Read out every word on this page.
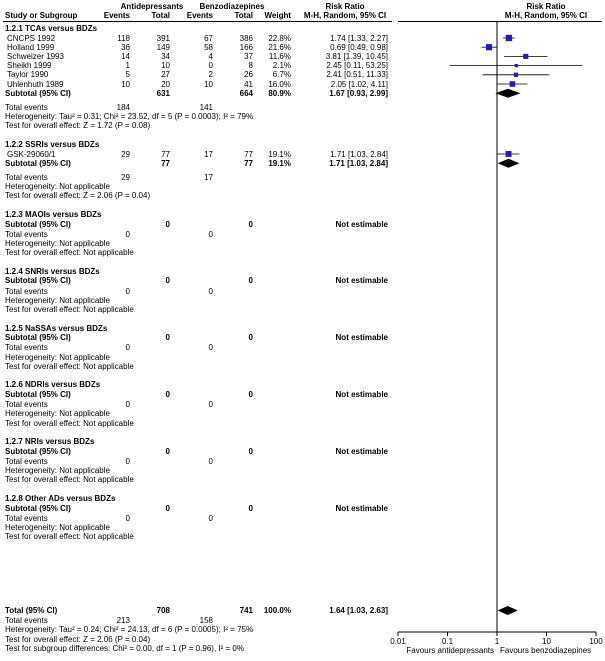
Antidepressants	Benzodiazepines	Risk Ratio
M-H, Random, 95% CI
Risk Ratio
M-H, Random, 95% CI
Study or Subgroup	Events	Total Events	Total Weight
1.2.1 TCAs versus BDZs
CNCPS 1992	118	391	67	386 22.8%	1.74 [1.33, 2.27]
Holland 1999	36	149	58	166 21.6%	0.69 [0.49, 0.98]
Schweizer 1993	14	34	4	37 11.6%	3.81 [1.39, 10.45]
Sheikh 1999	1	10	0	8 2.1%	2.45 [0.11, 53.25]
Taylor 1990	5	27	2	26 6.7%	2.41 [0.51, 11.33]
Uhlenhuth 1989	10	20	10	41 16.0%	2.05 [1.02, 4.11]
Subtotal (95% CI)	631	664 80.9%	1.67 [0.93, 2.99]
Total events	184	141
Heterogeneity: Tau² = 0.31; Chi² = 23.52, df = 5 (P = 0.0003); I² = 79%
Test for overall effect: Z = 1.72 (P = 0.08)
1.2.2 SSRIs versus BDZs
GSK-29060/1	29	77	17	77 19.1%	1.71 [1.03, 2.84]
Subtotal (95% CI)	77	77 19.1%	1.71 [1.03, 2.84]
Total events	29	17
Heterogeneity: Not applicable
Test for overall effect: Z = 2.06 (P = 0.04)
1.2.3 MAOIs versus BDZs
Subtotal (95% CI)	0	0	Not estimable
Total events	0	0
Heterogeneity: Not applicable
Test for overall effect: Not applicable
1.2.4 SNRIs versus BDZs
Subtotal (95% CI)	0	0	Not estimable
Total events	0	0
Heterogeneity: Not applicable
Test for overall effect: Not applicable
1.2.5 NaSSAs versus BDZs
Subtotal (95% CI)	0	0	Not estimable
Total events	0	0
Heterogeneity: Not applicable
Test for overall effect: Not applicable
1.2.6 NDRIs versus BDZs
Subtotal (95% CI)	0	0	Not estimable
Total events	0	0
Heterogeneity: Not applicable
Test for overall effect: Not applicable
1.2.7 NRIs versus BDZs
Subtotal (95% CI)	0	0	Not estimable
Total events	0	0
Heterogeneity: Not applicable
Test for overall effect: Not applicable
1.2.8 Other ADs versus BDZs
Subtotal (95% CI)	0	0	Not estimable
Total events	0	0
Heterogeneity: Not applicable
Test for overall effect: Not applicable
Total (95% CI)	708	741 100.0%	1.64 [1.03, 2.63]
Total events	213	158
Heterogeneity: Tau² = 0.24; Chi² = 24.13, df = 6 (P = 0.0005); I² = 75%
Test for overall effect: Z = 2.06 (P = 0.04)
Test for subgroup differences: Chi² = 0.00, df = 1 (P = 0.96), I² = 0%
0.01	0.1	1	10	100
Favours antidepressants Favours benzodiazepines
